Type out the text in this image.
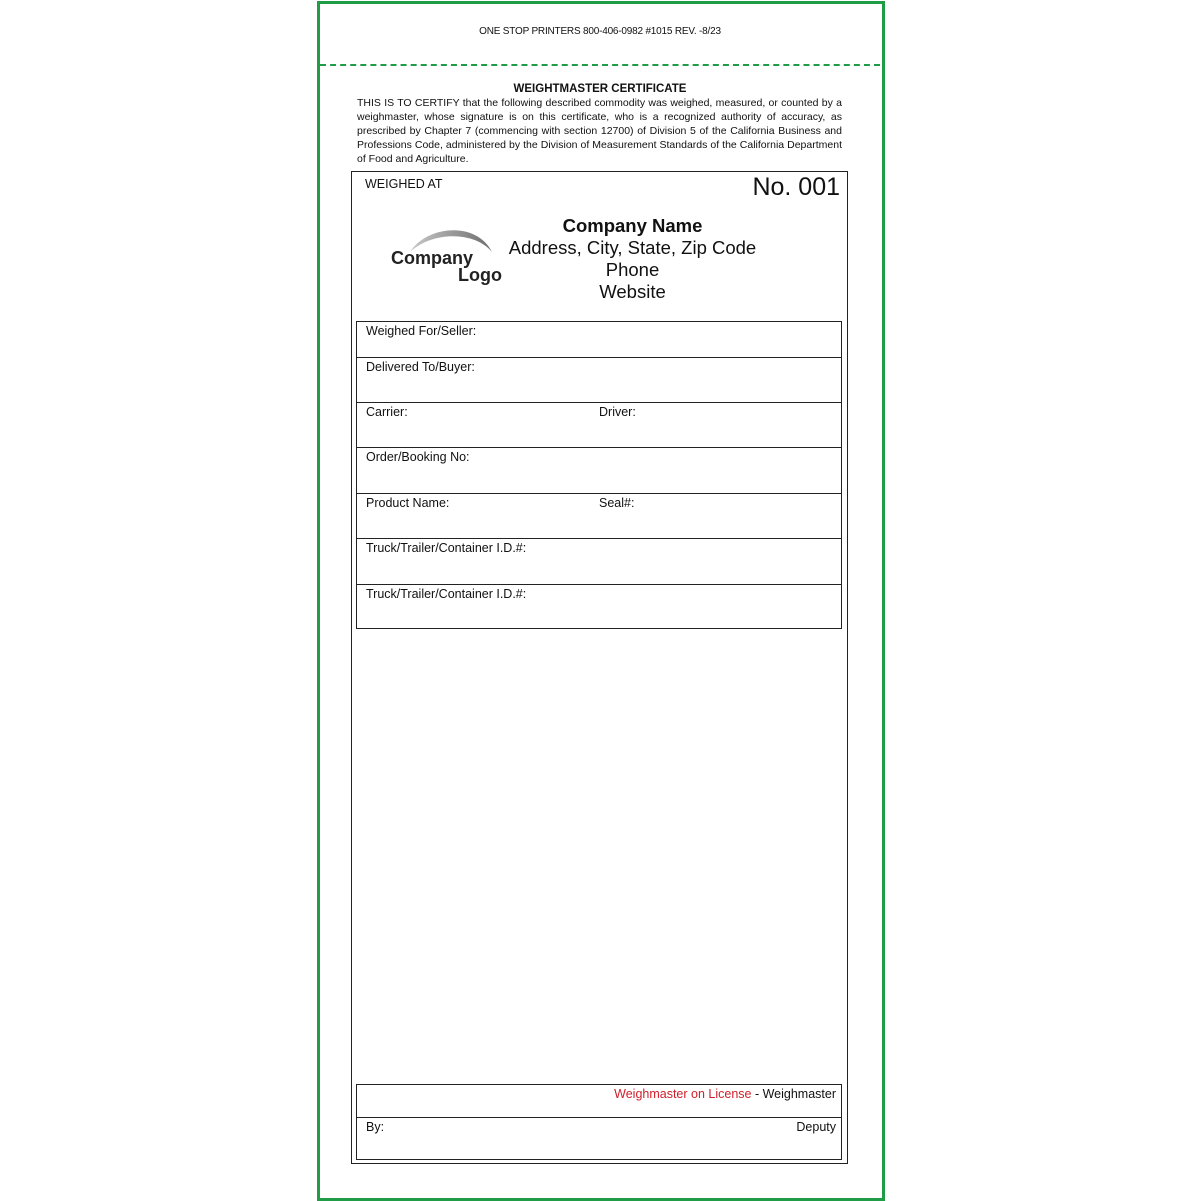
ONE STOP PRINTERS 800-406-0982 #1015 REV. -8/23
WEIGHTMASTER CERTIFICATE
THIS IS TO CERTIFY that the following described commodity was weighed, measured, or counted by a weighmaster, whose signature is on this certificate, who is a recognized authority of accuracy, as prescribed by Chapter 7 (commencing with section 12700) of Division 5 of the California Business and Professions Code, administered by the Division of Measurement Standards of the California Department of Food and Agriculture.
WEIGHED AT	No. 001
Company
Logo
Company Name
Address, City, State, Zip Code
Phone
Website
Weighed For/Seller:
Delivered To/Buyer:
Carrier:	Driver:
Order/Booking No:
Product Name:	Seal#:
Truck/Trailer/Container I.D.#:
Truck/Trailer/Container I.D.#:
Weighmaster on License - Weighmaster
By:	Deputy
